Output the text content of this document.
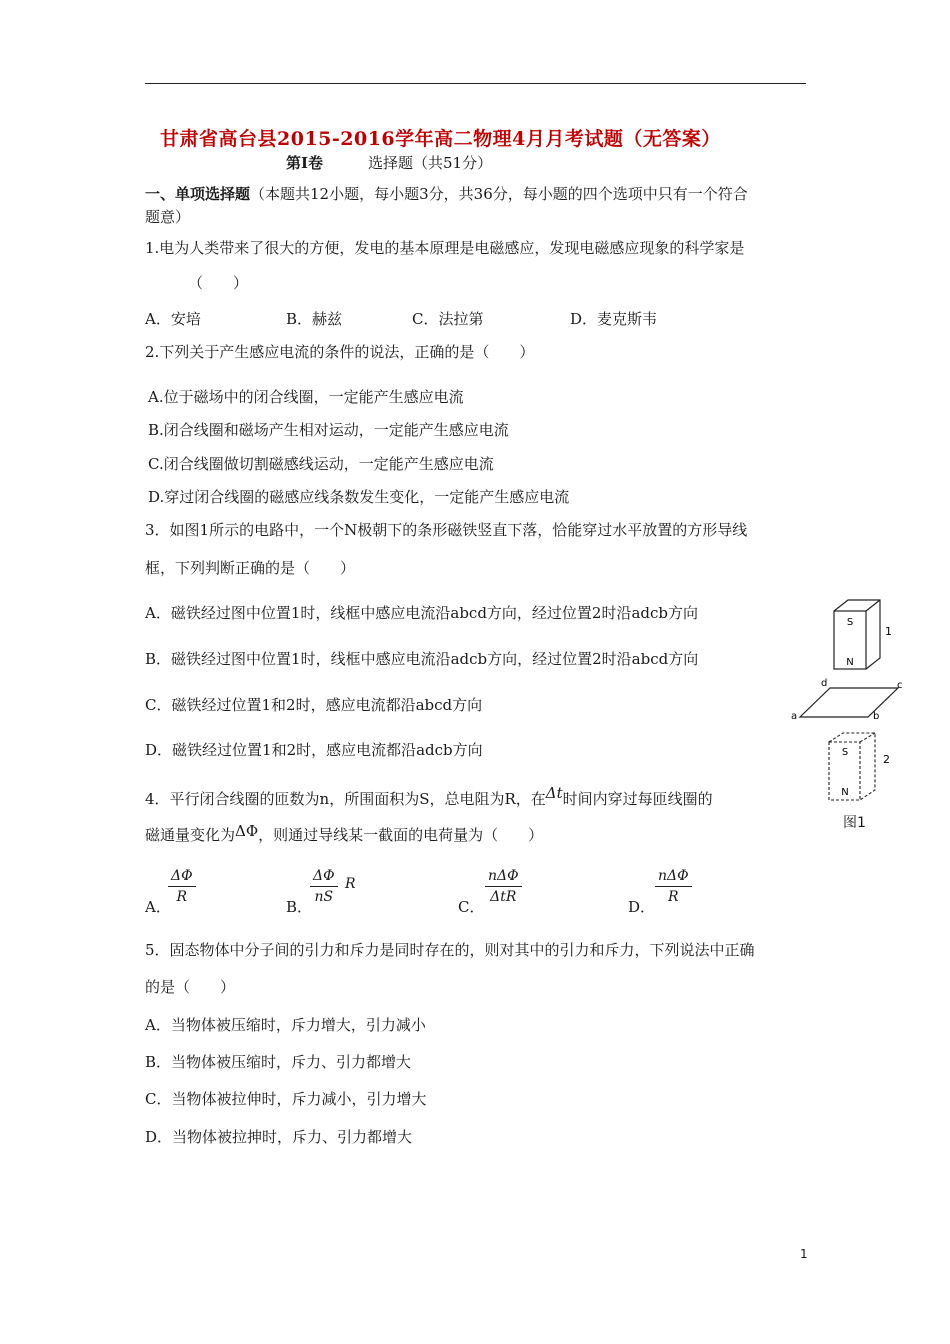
甘肃省高台县2015-2016学年高二物理4月月考试题（无答案）
第Ⅰ卷	选择题（共51分）
一、单项选择题（本题共12小题，每小题3分，共36分，每小题的四个选项中只有一个符合
题意）
1.电为人类带来了很大的方便，发电的基本原理是电磁感应，发现电磁感应现象的科学家是
（　　）
A．安培	B．赫兹	C．法拉第	D．麦克斯韦
2.下列关于产生感应电流的条件的说法，正确的是（　　）
A.位于磁场中的闭合线圈，一定能产生感应电流
B.闭合线圈和磁场产生相对运动，一定能产生感应电流
C.闭合线圈做切割磁感线运动，一定能产生感应电流
D.穿过闭合线圈的磁感应线条数发生变化，一定能产生感应电流
3．如图1所示的电路中，一个N极朝下的条形磁铁竖直下落，恰能穿过水平放置的方形导线
框，下列判断正确的是（　　）
A．磁铁经过图中位置1时，线框中感应电流沿abcd方向，经过位置2时沿adcb方向
B．磁铁经过图中位置1时，线框中感应电流沿adcb方向，经过位置2时沿abcd方向
C．磁铁经过位置1和2时，感应电流都沿abcd方向
D．磁铁经过位置1和2时，感应电流都沿adcb方向
S
N
1
a	b
c
d
S
N
2
图1
4．平行闭合线圈的匝数为n，所围面积为S，总电阻为R，在Δt时间内穿过每匝线圈的
磁通量变化为ΔΦ，则通过导线某一截面的电荷量为（　　）
A．
$\frac{\Delta\Phi}{R}$	B．
$\frac{\Delta\Phi}{nS}$ R
C．
nΔΦ
ΔtR
D．
nΔΦ
R
5．固态物体中分子间的引力和斥力是同时存在的，则对其中的引力和斥力，下列说法中正确
的是（　　）
A．当物体被压缩时，斥力增大，引力减小
B．当物体被压缩时，斥力、引力都增大
C．当物体被拉伸时，斥力减小，引力增大
D．当物体被拉抻时，斥力、引力都增大
1
